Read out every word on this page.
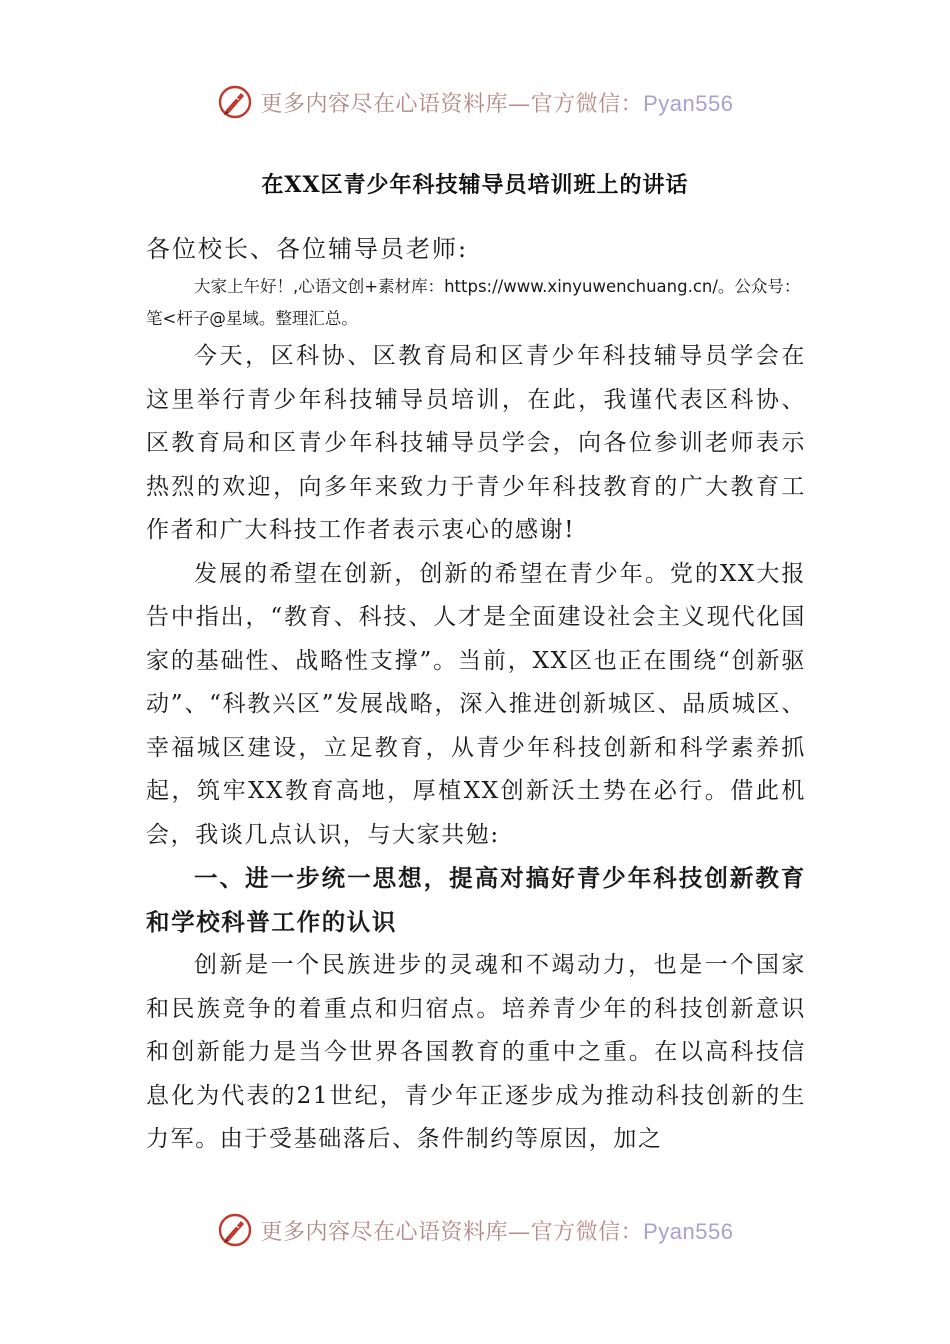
更多内容尽在心语资料库—官方微信：Pyan556
在XX区青少年科技辅导员培训班上的讲话

各位校长、各位辅导员老师:

大家上午好！,心语文创+素材库：https://www.xinyuwenchuang.cn/。公众号：笔<杆子@星域。整理汇总。

今天，区科协、区教育局和区青少年科技辅导员学会在这里举行青少年科技辅导员培训，在此，我谨代表区科协、区教育局和区青少年科技辅导员学会，向各位参训老师表示热烈的欢迎，向多年来致力于青少年科技教育的广大教育工作者和广大科技工作者表示衷心的感谢!

发展的希望在创新，创新的希望在青少年。党的XX大报告中指出，“教育、科技、人才是全面建设社会主义现代化国家的基础性、战略性支撑”。当前，XX区也正在围绕“创新驱动”、“科教兴区”发展战略，深入推进创新城区、品质城区、幸福城区建设，立足教育，从青少年科技创新和科学素养抓起，筑牢XX教育高地，厚植XX创新沃土势在必行。借此机会，我谈几点认识，与大家共勉:

一、进一步统一思想，提高对搞好青少年科技创新教育和学校科普工作的认识

创新是一个民族进步的灵魂和不竭动力，也是一个国家和民族竞争的着重点和归宿点。培养青少年的科技创新意识和创新能力是当今世界各国教育的重中之重。在以高科技信息化为代表的21世纪，青少年正逐步成为推动科技创新的生力军。由于受基础落后、条件制约等原因，加之

更多内容尽在心语资料库—官方微信：Pyan556
